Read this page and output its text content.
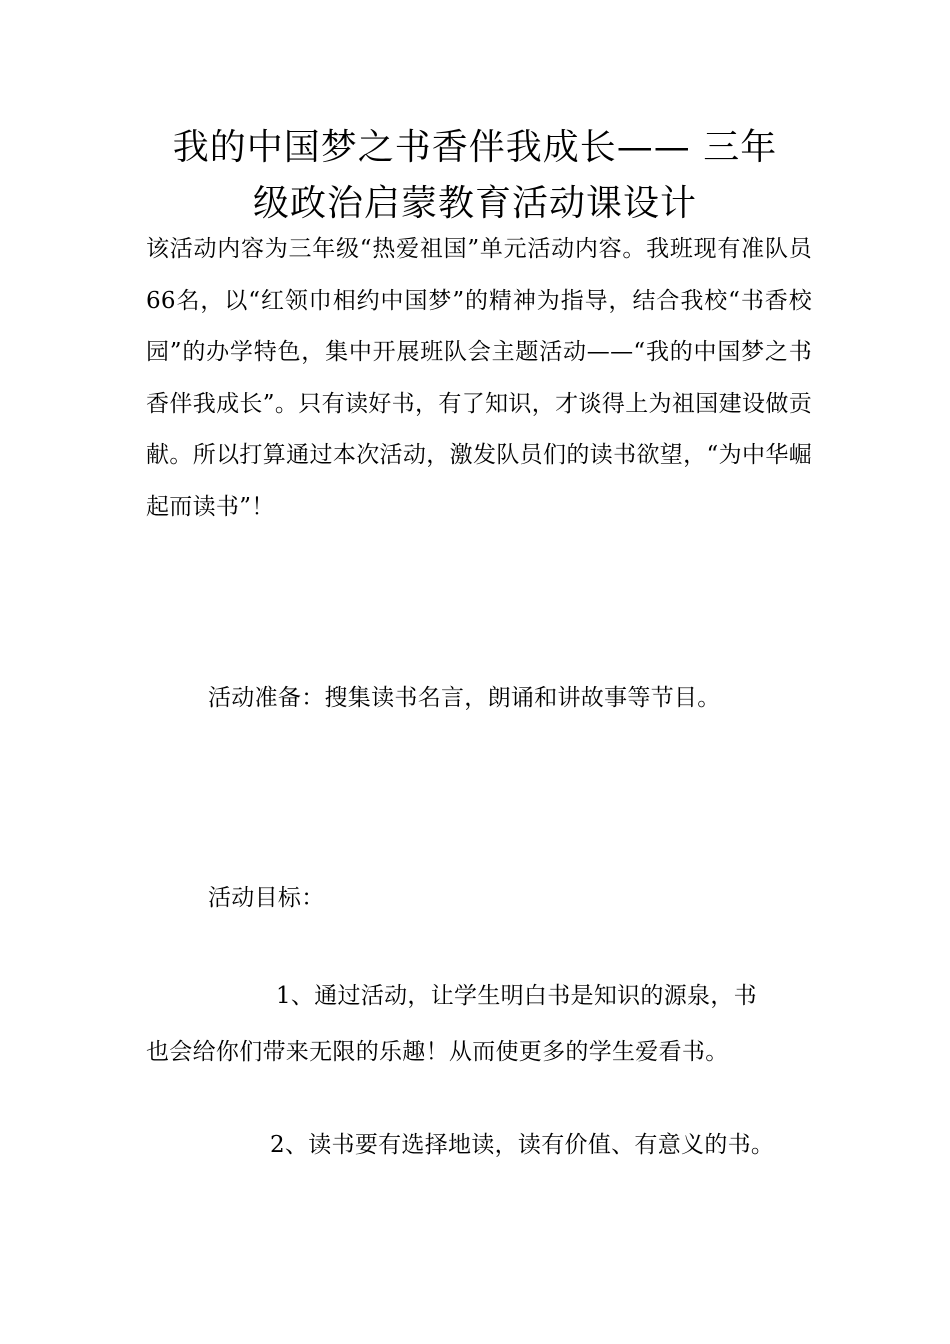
我的中国梦之书香伴我成长—— 三年
级政治启蒙教育活动课设计

该活动内容为三年级“热爱祖国”单元活动内容。我班现有准队员66名，以“红领巾相约中国梦”的精神为指导，结合我校“书香校园”的办学特色，集中开展班队会主题活动——“我的中国梦之书香伴我成长”。只有读好书，有了知识，才谈得上为祖国建设做贡献。所以打算通过本次活动，激发队员们的读书欲望，“为中华崛起而读书”！

活动准备：搜集读书名言，朗诵和讲故事等节目。

活动目标：

1、通过活动，让学生明白书是知识的源泉，书

也会给你们带来无限的乐趣！从而使更多的学生爱看书。

2、读书要有选择地读，读有价值、有意义的书。
